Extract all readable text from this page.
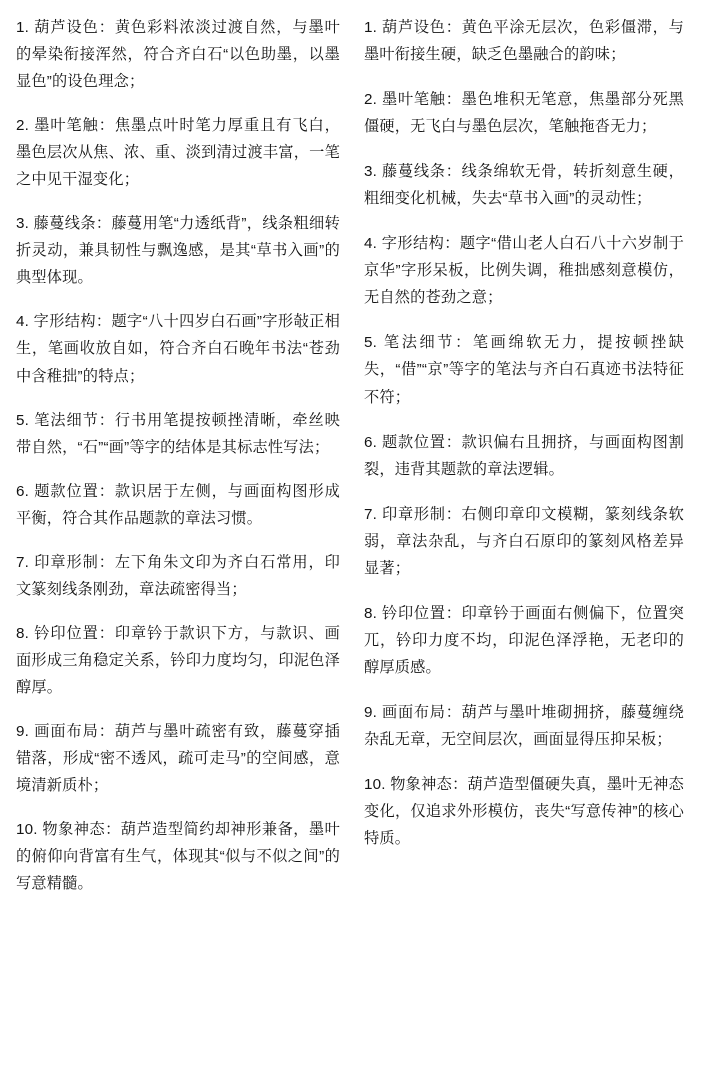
1. 葫芦设色：黄色彩料浓淡过渡自然，与墨叶的晕染衔接浑然，符合齐白石“以色助墨，以墨显色”的设色理念；

2. 墨叶笔触：焦墨点叶时笔力厚重且有飞白，墨色层次从焦、浓、重、淡到清过渡丰富，一笔之中见干湿变化；

3. 藤蔓线条：藤蔓用笔“力透纸背”，线条粗细转折灵动，兼具韧性与飘逸感，是其“草书入画”的典型体现。

4. 字形结构：题字“八十四岁白石画”字形敧正相生，笔画收放自如，符合齐白石晚年书法“苍劲中含稚拙”的特点；

5. 笔法细节：行书用笔提按顿挫清晰，牵丝映带自然，“石”“画”等字的结体是其标志性写法；

6. 题款位置：款识居于左侧，与画面构图形成平衡，符合其作品题款的章法习惯。

7. 印章形制：左下角朱文印为齐白石常用，印文篆刻线条刚劲，章法疏密得当；

8. 钤印位置：印章钤于款识下方，与款识、画面形成三角稳定关系，钤印力度均匀，印泥色泽醇厚。

9. 画面布局：葫芦与墨叶疏密有致，藤蔓穿插错落，形成“密不透风，疏可走马”的空间感，意境清新质朴；

10. 物象神态：葫芦造型简约却神形兼备，墨叶的俯仰向背富有生气，体现其“似与不似之间”的写意精髓。

1. 葫芦设色：黄色平涂无层次，色彩僵滞，与墨叶衔接生硬，缺乏色墨融合的韵味；

2. 墨叶笔触：墨色堆积无笔意，焦墨部分死黑僵硬，无飞白与墨色层次，笔触拖沓无力；

3. 藤蔓线条：线条绵软无骨，转折刻意生硬，粗细变化机械，失去“草书入画”的灵动性；

4. 字形结构：题字“借山老人白石八十六岁制于京华”字形呆板，比例失调，稚拙感刻意模仿，无自然的苍劲之意；

5. 笔法细节：笔画绵软无力，提按顿挫缺失，“借”“京”等字的笔法与齐白石真迹书法特征不符；

6. 题款位置：款识偏右且拥挤，与画面构图割裂，违背其题款的章法逻辑。

7. 印章形制：右侧印章印文模糊，篆刻线条软弱，章法杂乱，与齐白石原印的篆刻风格差异显著；

8. 钤印位置：印章钤于画面右侧偏下，位置突兀，钤印力度不均，印泥色泽浮艳，无老印的醇厚质感。

9. 画面布局：葫芦与墨叶堆砌拥挤，藤蔓缠绕杂乱无章，无空间层次，画面显得压抑呆板；

10. 物象神态：葫芦造型僵硬失真，墨叶无神态变化，仅追求外形模仿，丧失“写意传神”的核心特质。
